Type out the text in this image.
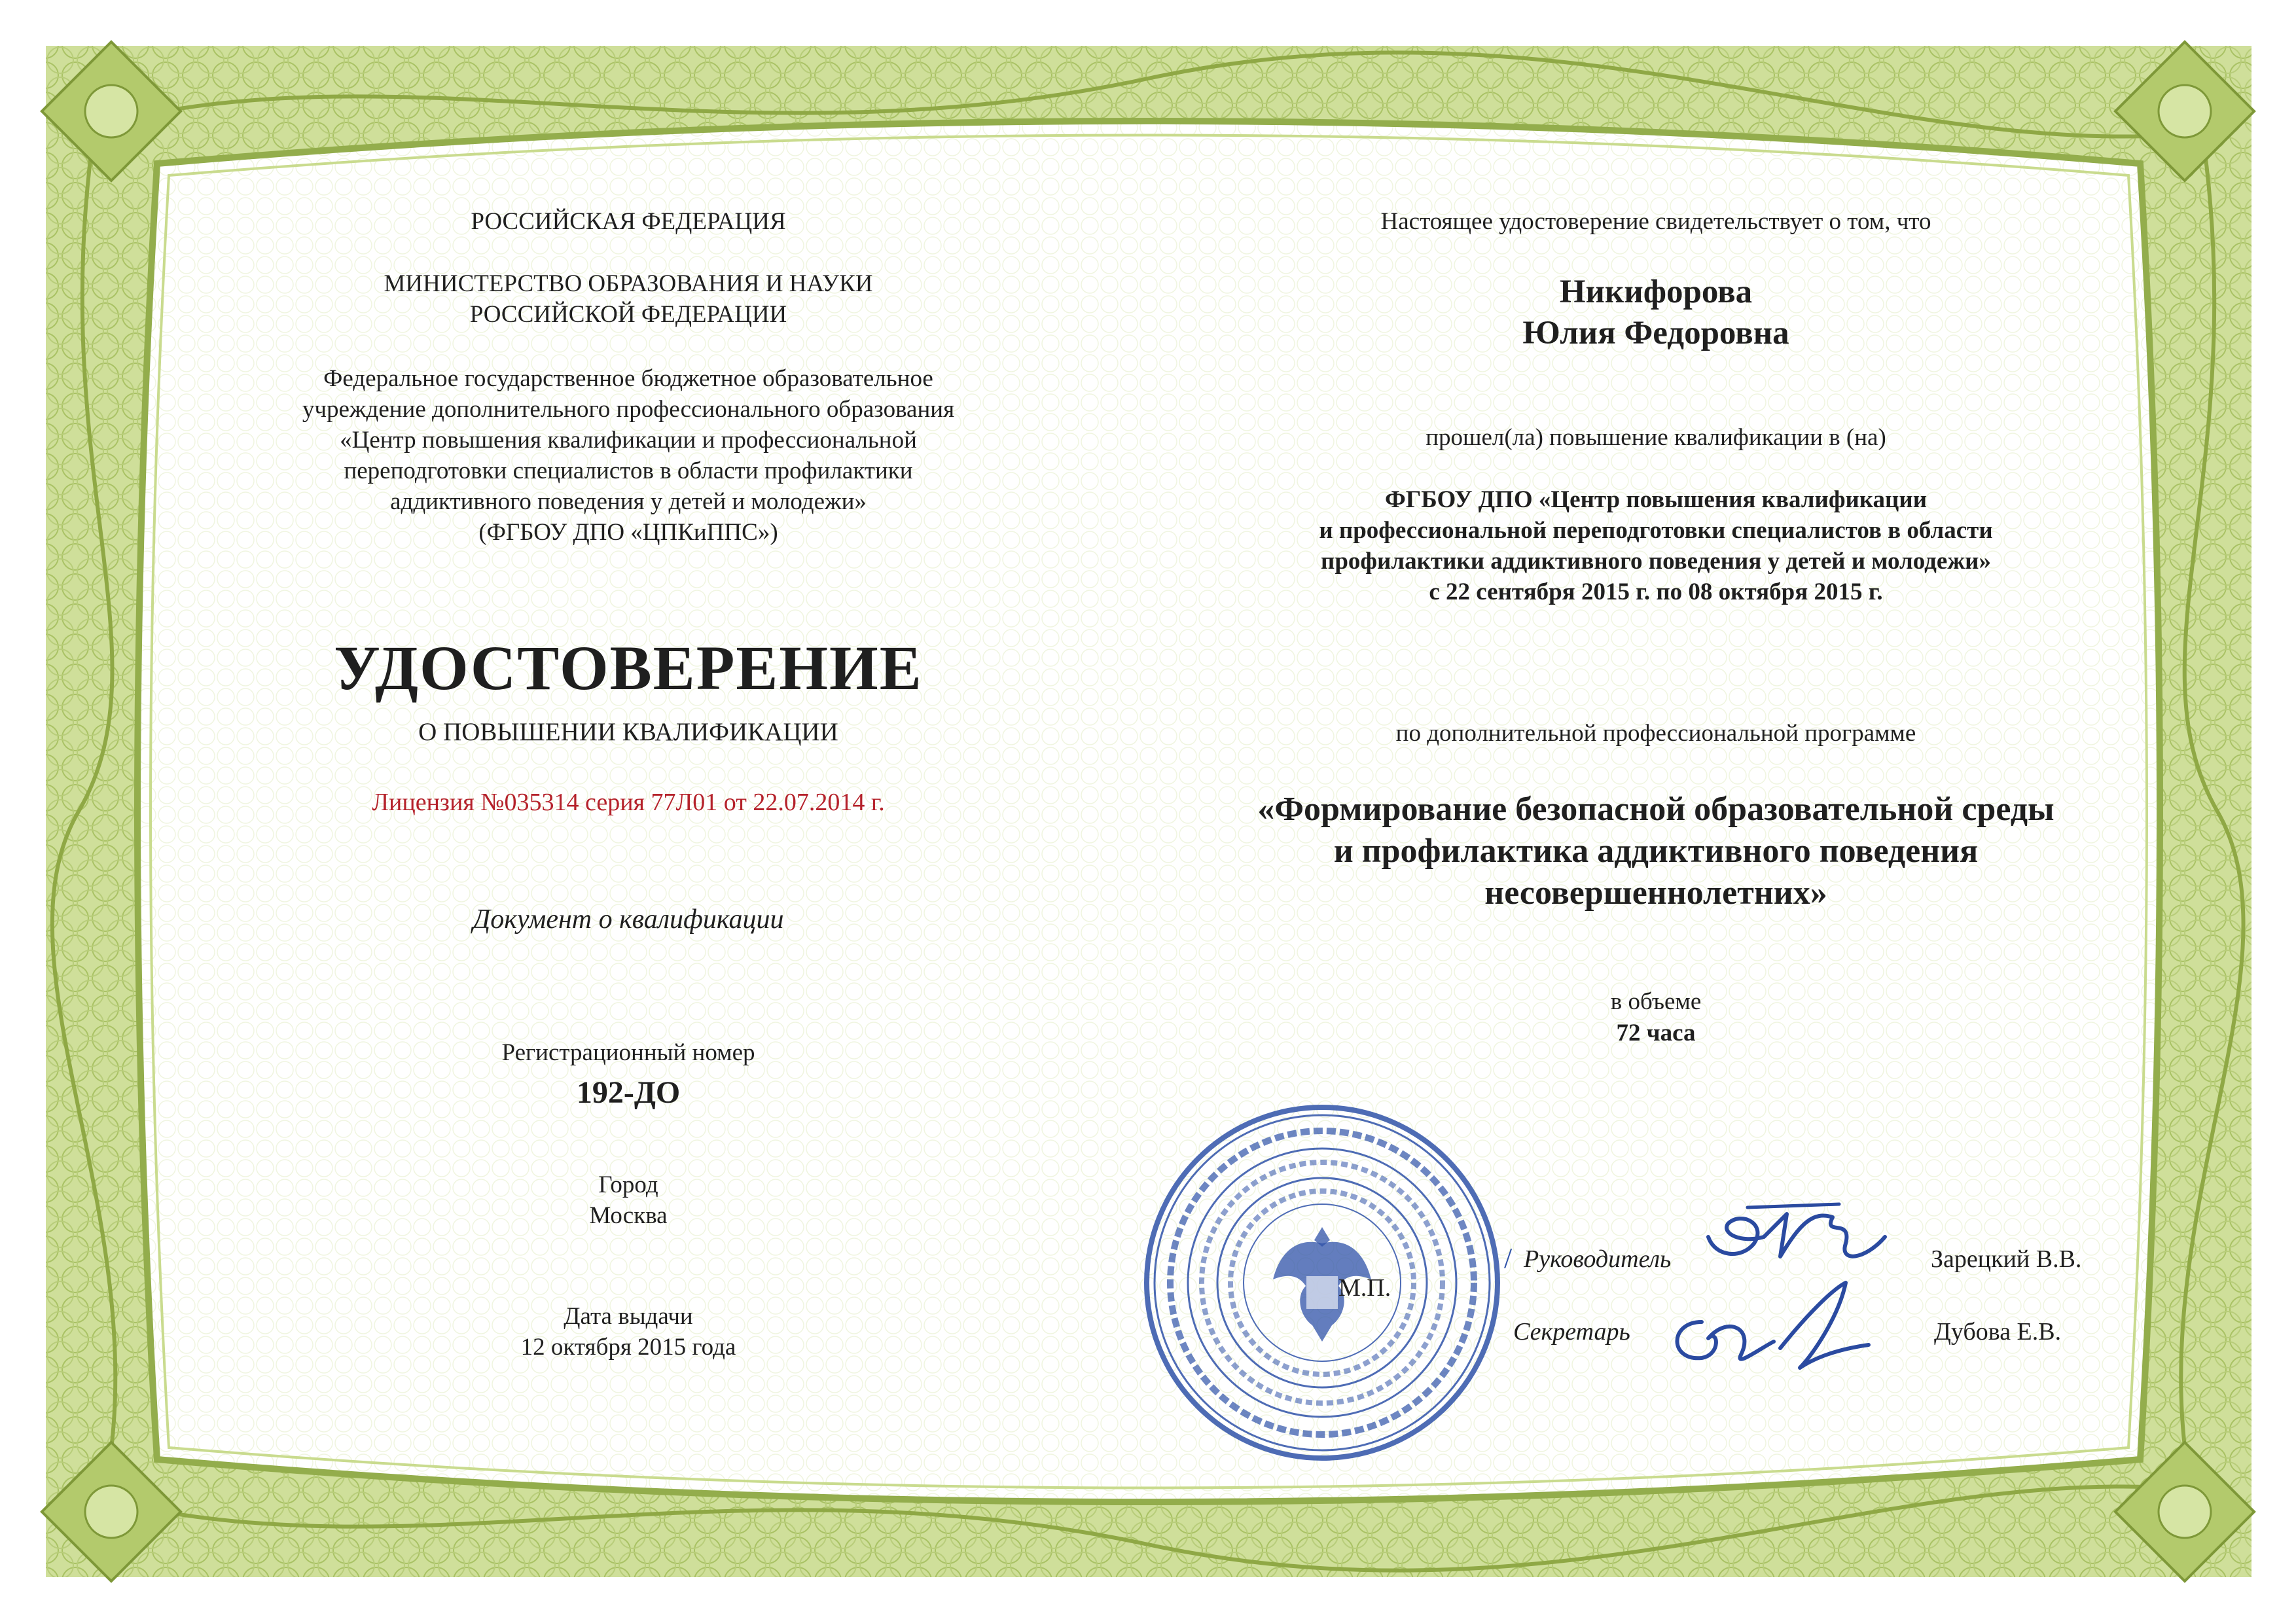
РОССИЙСКАЯ ФЕДЕРАЦИЯ
МИНИСТЕРСТВО ОБРАЗОВАНИЯ И НАУКИ
РОССИЙСКОЙ ФЕДЕРАЦИИ
Федеральное государственное бюджетное образовательное
учреждение дополнительного профессионального образования
«Центр повышения квалификации и профессиональной
переподготовки специалистов в области профилактики
аддиктивного поведения у детей и молодежи»
(ФГБОУ ДПО «ЦПКиППС»)
УДОСТОВЕРЕНИЕ
О ПОВЫШЕНИИ КВАЛИФИКАЦИИ
Лицензия №035314 серия 77Л01 от 22.07.2014 г.
Документ о квалификации
Регистрационный номер
192-ДО
Город
Москва
Дата выдачи
12 октября 2015 года
Настоящее удостоверение свидетельствует о том, что
Никифорова
Юлия Федоровна
прошел(ла) повышение квалификации в (на)
ФГБОУ ДПО «Центр повышения квалификации
и профессиональной переподготовки специалистов в области
профилактики аддиктивного поведения у детей и молодежи»
с 22 сентября 2015 г. по 08 октября 2015 г.
по дополнительной профессиональной программе
«Формирование безопасной образовательной среды
и профилактика аддиктивного поведения
несовершеннолетних»
в объеме
72 часа
М.П.
/ Руководитель	Зарецкий В.В.
Секретарь	Дубова Е.В.
